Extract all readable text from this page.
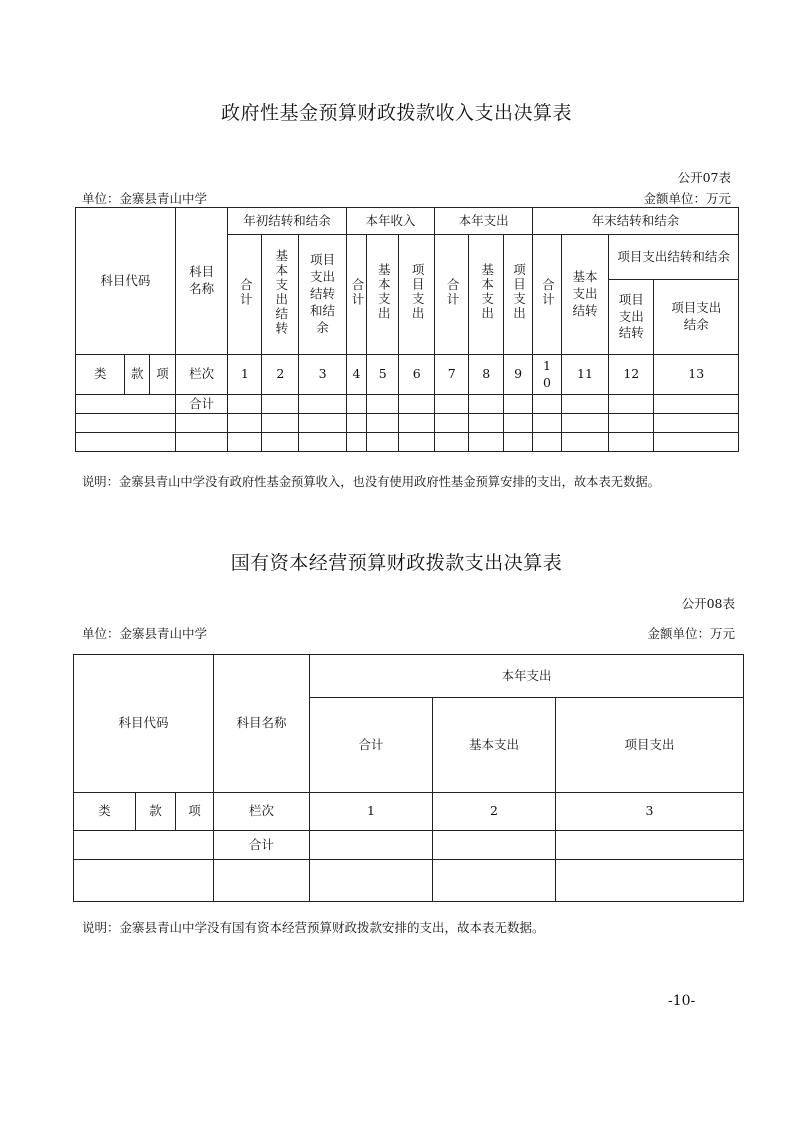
政府性基金预算财政拨款收入支出决算表
公开07表
单位：金寨县青山中学	金额单位：万元
科目代码			科目名称	年初结转和结余			本年收入			本年支出			年末结转和结余			
				合计	基本支出结转	项目支出结转和结余	合计	基本支出	项目支出	合计	基本支出	项目支出	合计	基本支出结转	项目支出结转和结余	

															项目支出结转	项目支出结余

类	款	项	栏次	1	2	3	4	5	6	7	8	9	10	11	12	13

			合计													

说明：金寨县青山中学没有政府性基金预算收入，也没有使用政府性基金预算安排的支出，故本表无数据。
国有资本经营预算财政拨款支出决算表
公开08表
单位：金寨县青山中学	金额单位：万元
科目代码			科目名称	本年支出		
				合计	基本支出	项目支出
类	款	项	栏次	1	2	3
			合计			

说明：金寨县青山中学没有国有资本经营预算财政拨款安排的支出，故本表无数据。
-10-
